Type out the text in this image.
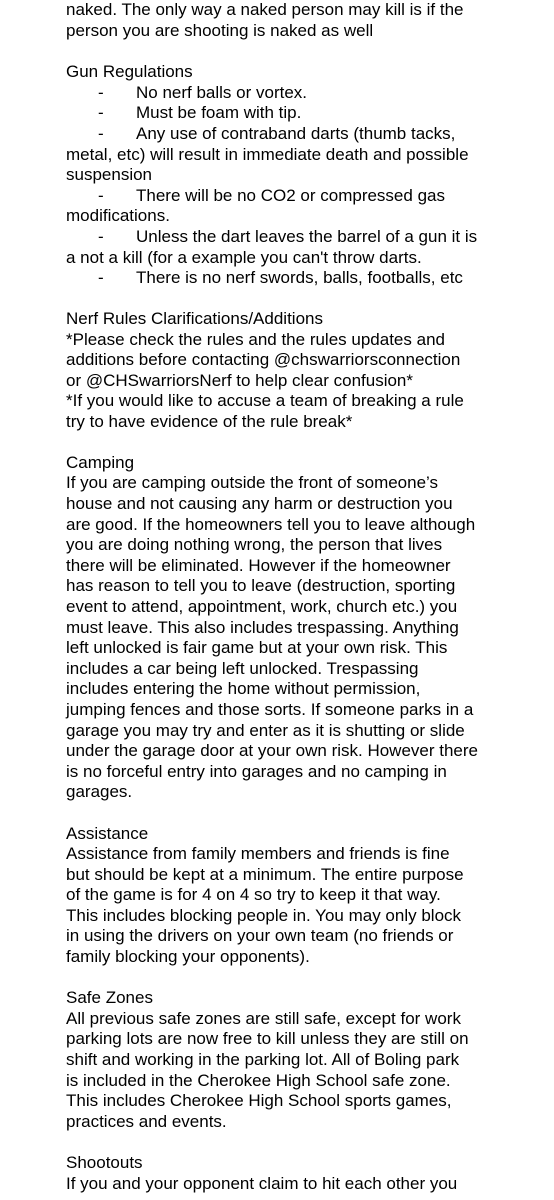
naked. The only way a naked person may kill is if the
person you are shooting is naked as well
Gun Regulations
- No nerf balls or vortex.
- Must be foam with tip.
- Any use of contraband darts (thumb tacks,
metal, etc) will result in immediate death and possible
suspension
- There will be no CO2 or compressed gas
modifications.
- Unless the dart leaves the barrel of a gun it is
a not a kill (for a example you can't throw darts.
- There is no nerf swords, balls, footballs, etc
Nerf Rules Clarifications/Additions
*Please check the rules and the rules updates and
additions before contacting @chswarriorsconnection
or @CHSwarriorsNerf to help clear confusion*
*If you would like to accuse a team of breaking a rule
try to have evidence of the rule break*
Camping
If you are camping outside the front of someone’s
house and not causing any harm or destruction you
are good. If the homeowners tell you to leave although
you are doing nothing wrong, the person that lives
there will be eliminated. However if the homeowner
has reason to tell you to leave (destruction, sporting
event to attend, appointment, work, church etc.) you
must leave. This also includes trespassing. Anything
left unlocked is fair game but at your own risk. This
includes a car being left unlocked. Trespassing
includes entering the home without permission,
jumping fences and those sorts. If someone parks in a
garage you may try and enter as it is shutting or slide
under the garage door at your own risk. However there
is no forceful entry into garages and no camping in
garages.
Assistance
Assistance from family members and friends is fine
but should be kept at a minimum. The entire purpose
of the game is for 4 on 4 so try to keep it that way.
This includes blocking people in. You may only block
in using the drivers on your own team (no friends or
family blocking your opponents).
Safe Zones
All previous safe zones are still safe, except for work
parking lots are now free to kill unless they are still on
shift and working in the parking lot. All of Boling park
is included in the Cherokee High School safe zone.
This includes Cherokee High School sports games,
practices and events.
Shootouts
If you and your opponent claim to hit each other you
